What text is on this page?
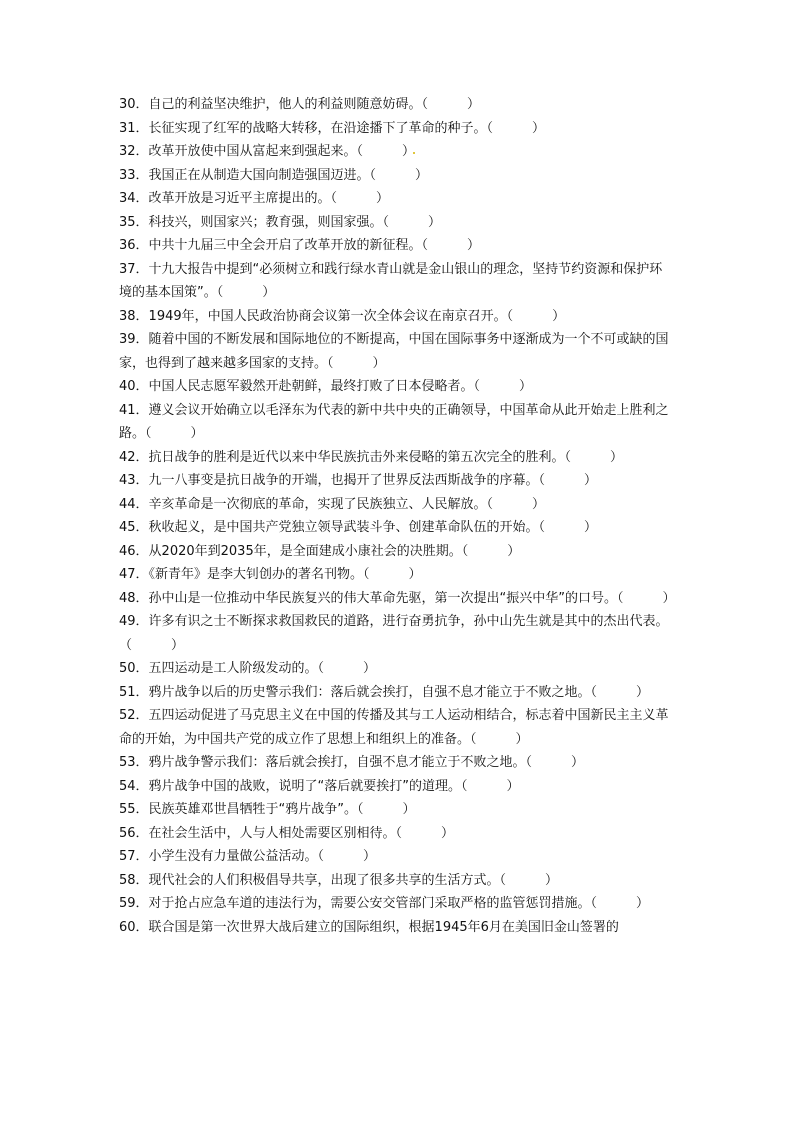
30．自己的利益坚决维护，他人的利益则随意妨碍。（　　　）

31．长征实现了红军的战略大转移，在沿途播下了革命的种子。（　　　）

32．改革开放使中国从富起来到强起来。（　　　）

33．我国正在从制造大国向制造强国迈进。（　　　）

34．改革开放是习近平主席提出的。（　　　）

35．科技兴，则国家兴；教育强，则国家强。（　　　）

36．中共十九届三中全会开启了改革开放的新征程。（　　　）

37．十九大报告中提到“必须树立和践行绿水青山就是金山银山的理念，坚持节约资源和保护环境的基本国策”。（　　　）

38．1949年，中国人民政治协商会议第一次全体会议在南京召开。（　　　）

39．随着中国的不断发展和国际地位的不断提高，中国在国际事务中逐渐成为一个不可或缺的国家，也得到了越来越多国家的支持。（　　　）

40．中国人民志愿军毅然开赴朝鲜，最终打败了日本侵略者。（　　　）

41．遵义会议开始确立以毛泽东为代表的新中共中央的正确领导，中国革命从此开始走上胜利之路。（　　　）

42．抗日战争的胜利是近代以来中华民族抗击外来侵略的第五次完全的胜利。（　　　）

43．九一八事变是抗日战争的开端，也揭开了世界反法西斯战争的序幕。（　　　）

44．辛亥革命是一次彻底的革命，实现了民族独立、人民解放。（　　　）

45．秋收起义，是中国共产党独立领导武装斗争、创建革命队伍的开始。（　　　）

46．从2020年到2035年，是全面建成小康社会的决胜期。（　　　）

47．《新青年》是李大钊创办的著名刊物。（　　　）

48．孙中山是一位推动中华民族复兴的伟大革命先驱，第一次提出“振兴中华”的口号。（　　　）

49．许多有识之士不断探求救国救民的道路，进行奋勇抗争，孙中山先生就是其中的杰出代表。（　　　）

50．五四运动是工人阶级发动的。（　　　）

51．鸦片战争以后的历史警示我们：落后就会挨打，自强不息才能立于不败之地。（　　　）

52．五四运动促进了马克思主义在中国的传播及其与工人运动相结合，标志着中国新民主主义革命的开始，为中国共产党的成立作了思想上和组织上的准备。（　　　）

53．鸦片战争警示我们：落后就会挨打，自强不息才能立于不败之地。（　　　）

54．鸦片战争中国的战败，说明了“落后就要挨打”的道理。（　　　）

55．民族英雄邓世昌牺牲于“鸦片战争”。（　　　）

56．在社会生活中，人与人相处需要区别相待。（　　　）

57．小学生没有力量做公益活动。（　　　）

58．现代社会的人们积极倡导共享，出现了很多共享的生活方式。（　　　）

59．对于抢占应急车道的违法行为，需要公安交管部门采取严格的监管惩罚措施。（　　　）

60．联合国是第一次世界大战后建立的国际组织，根据1945年6月在美国旧金山签署的
